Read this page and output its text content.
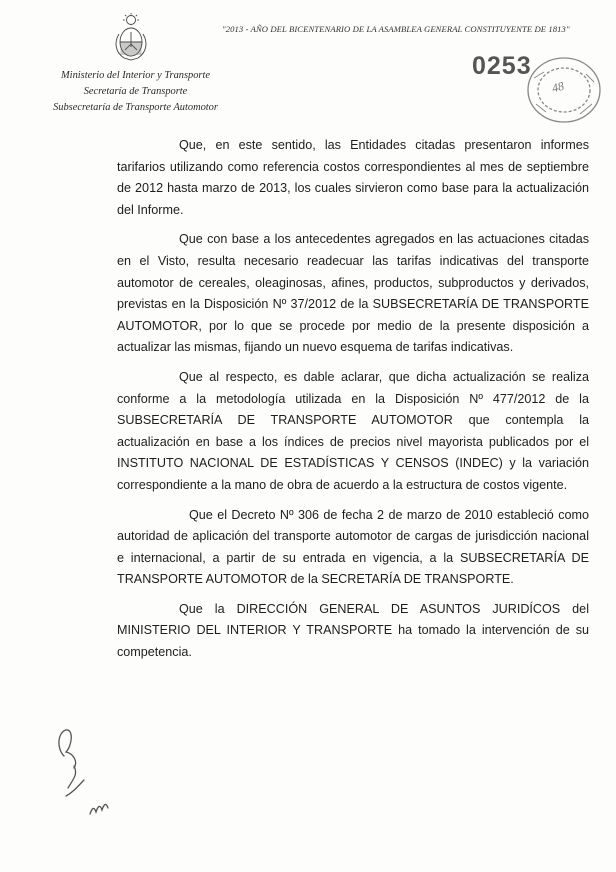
"2013 - AÑO DEL BICENTENARIO DE LA ASAMBLEA GENERAL CONSTITUYENTE DE 1813"
Ministerio del Interior y Transporte
Secretaría de Transporte
Subsecretaría de Transporte Automotor
0253
48

Que, en este sentido, las Entidades citadas presentaron informes tarifarios utilizando como referencia costos correspondientes al mes de septiembre de 2012 hasta marzo de 2013, los cuales sirvieron como base para la actualización del Informe.

Que con base a los antecedentes agregados en las actuaciones citadas en el Visto, resulta necesario readecuar las tarifas indicativas del transporte automotor de cereales, oleaginosas, afines, productos, subproductos y derivados, previstas en la Disposición Nº 37/2012 de la SUBSECRETARÍA DE TRANSPORTE AUTOMOTOR, por lo que se procede por medio de la presente disposición a actualizar las mismas, fijando un nuevo esquema de tarifas indicativas.

Que al respecto, es dable aclarar, que dicha actualización se realiza conforme a la metodología utilizada en la Disposición Nº 477/2012 de la SUBSECRETARÍA DE TRANSPORTE AUTOMOTOR que contempla la actualización en base a los índices de precios nivel mayorista publicados por el INSTITUTO NACIONAL DE ESTADÍSTICAS Y CENSOS (INDEC) y la variación correspondiente a la mano de obra de acuerdo a la estructura de costos vigente.

Que el Decreto Nº 306 de fecha 2 de marzo de 2010 estableció como autoridad de aplicación del transporte automotor de cargas de jurisdicción nacional e internacional, a partir de su entrada en vigencia, a la SUBSECRETARÍA DE TRANSPORTE AUTOMOTOR de la SECRETARÍA DE TRANSPORTE.

Que la DIRECCIÓN GENERAL DE ASUNTOS JURIDÍCOS del MINISTERIO DEL INTERIOR Y TRANSPORTE ha tomado la intervención de su competencia.
